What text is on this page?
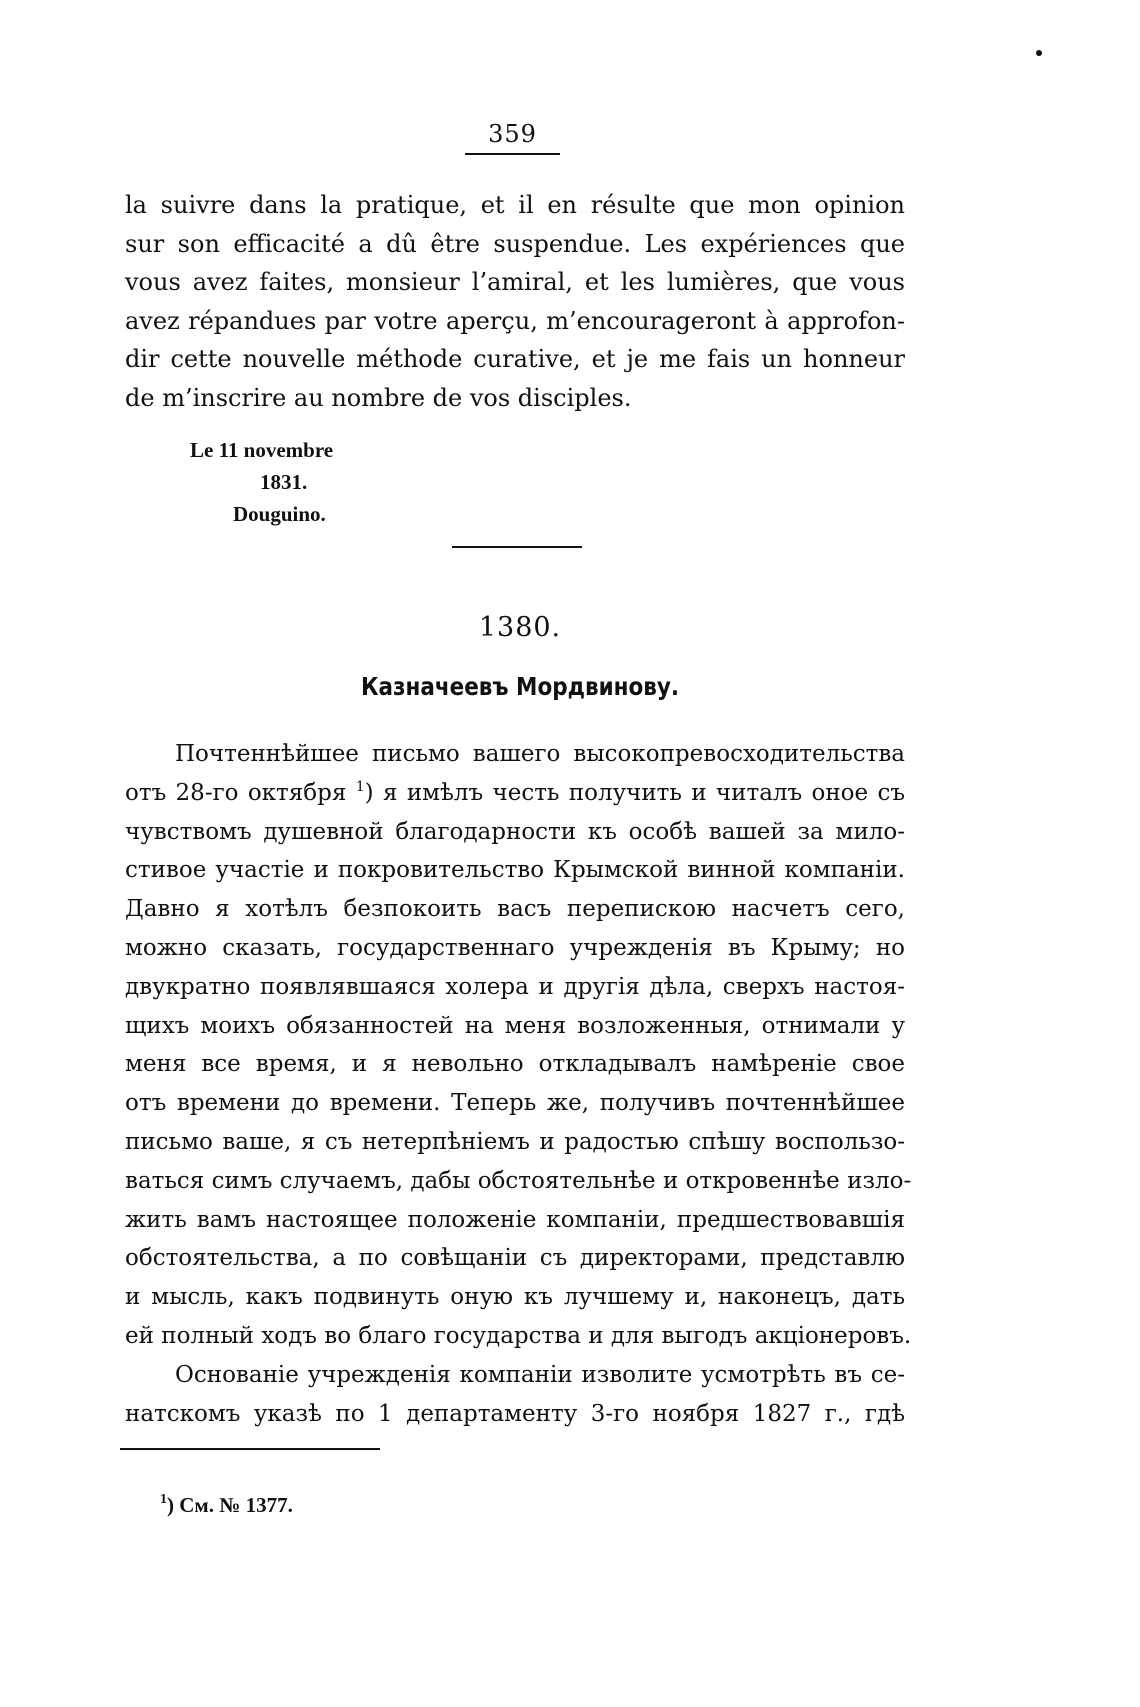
359
la suivre dans la pratique, et il en résulte que mon opinion
sur son efficacité a dû être suspendue. Les expériences que
vous avez faites, monsieur l’amiral, et les lumières, que vous
avez répandues par votre aperçu, m’encourageront à approfon-
dir cette nouvelle méthode curative, et je me fais un honneur
de m’inscrire au nombre de vos disciples.
Le 11 novembre
1831.
Douguino.
1380.
Казначеевъ Мордвинову.
Почтеннѣйшее письмо вашего высокопревосходительства
отъ 28-го октября $^1$) я имѣлъ честь получить и читалъ оное съ
чувствомъ душевной благодарности къ особѣ вашей за мило-
стивое участіе и покровительство Крымской винной компаніи.
Давно я хотѣлъ безпокоить васъ перепискою насчетъ сего,
можно сказать, государственнаго учрежденія въ Крыму; но
двукратно появлявшаяся холера и другія дѣла, сверхъ настоя-
щихъ моихъ обязанностей на меня возложенныя, отнимали у
меня все время, и я невольно откладывалъ намѣреніе свое
отъ времени до времени. Теперь же, получивъ почтеннѣйшее
письмо ваше, я съ нетерпѣніемъ и радостью спѣшу воспользо-
ваться симъ случаемъ, дабы обстоятельнѣе и откровеннѣе изло-
жить вамъ настоящее положеніе компаніи, предшествовавшія
обстоятельства, а по совѣщаніи съ директорами, представлю
и мысль, какъ подвинуть оную къ лучшему и, наконецъ, дать
ей полный ходъ во благо государства и для выгодъ акціонеровъ.
Основаніе учрежденія компаніи изволите усмотрѣть въ се-
натскомъ указѣ по 1 департаменту 3-го ноября 1827 г., гдѣ
$^1$) См. № 1377.
